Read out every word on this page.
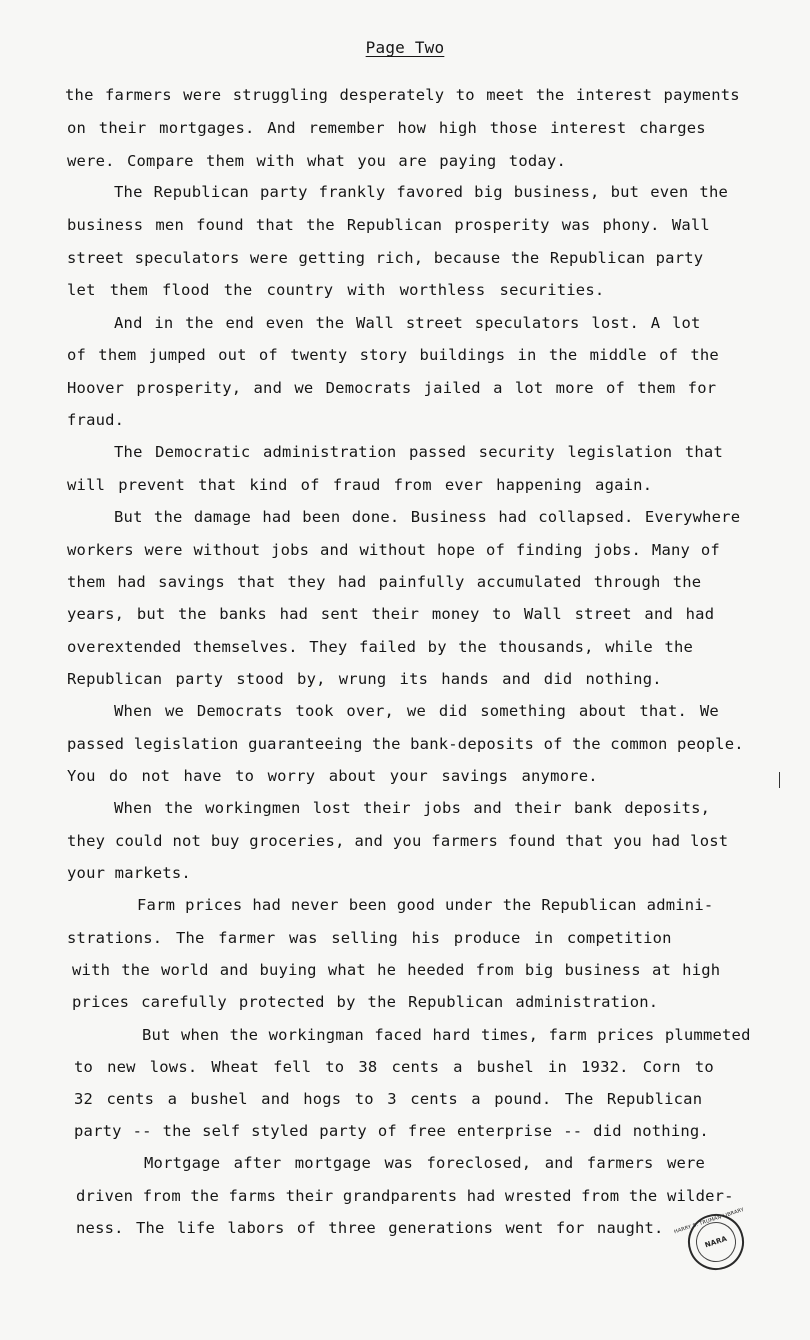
Page Two
the farmers were struggling desperately to meet the interest payments
on their mortgages. And remember how high those interest charges
were. Compare them with what you are paying today.
The Republican party frankly favored big business, but even the
business men found that the Republican prosperity was phony. Wall
street speculators were getting rich, because the Republican party
let them flood the country with worthless securities.
And in the end even the Wall street speculators lost. A lot
of them jumped out of twenty story buildings in the middle of the
Hoover prosperity, and we Democrats jailed a lot more of them for
fraud.
The Democratic administration passed security legislation that
will prevent that kind of fraud from ever happening again.
But the damage had been done. Business had collapsed. Everywhere
workers were without jobs and without hope of finding jobs. Many of
them had savings that they had painfully accumulated through the
years, but the banks had sent their money to Wall street and had
overextended themselves. They failed by the thousands, while the
Republican party stood by, wrung its hands and did nothing.
When we Democrats took over, we did something about that. We
passed legislation guaranteeing the bank-deposits of the common people.
You do not have to worry about your savings anymore.
When the workingmen lost their jobs and their bank deposits,
they could not buy groceries, and you farmers found that you had lost
your markets.
Farm prices had never been good under the Republican admini-
strations. The farmer was selling his produce in competition
with the world and buying what he heeded from big business at high
prices carefully protected by the Republican administration.
But when the workingman faced hard times, farm prices plummeted
to new lows. Wheat fell to 38 cents a bushel in 1932. Corn to
32 cents a bushel and hogs to 3 cents a pound. The Republican
party -- the self styled party of free enterprise -- did nothing.
Mortgage after mortgage was foreclosed, and farmers were
driven from the farms their grandparents had wrested from the wilder-
ness. The life labors of three generations went for naught. HARRY S. TRUMAN LIBRARY
NARA
